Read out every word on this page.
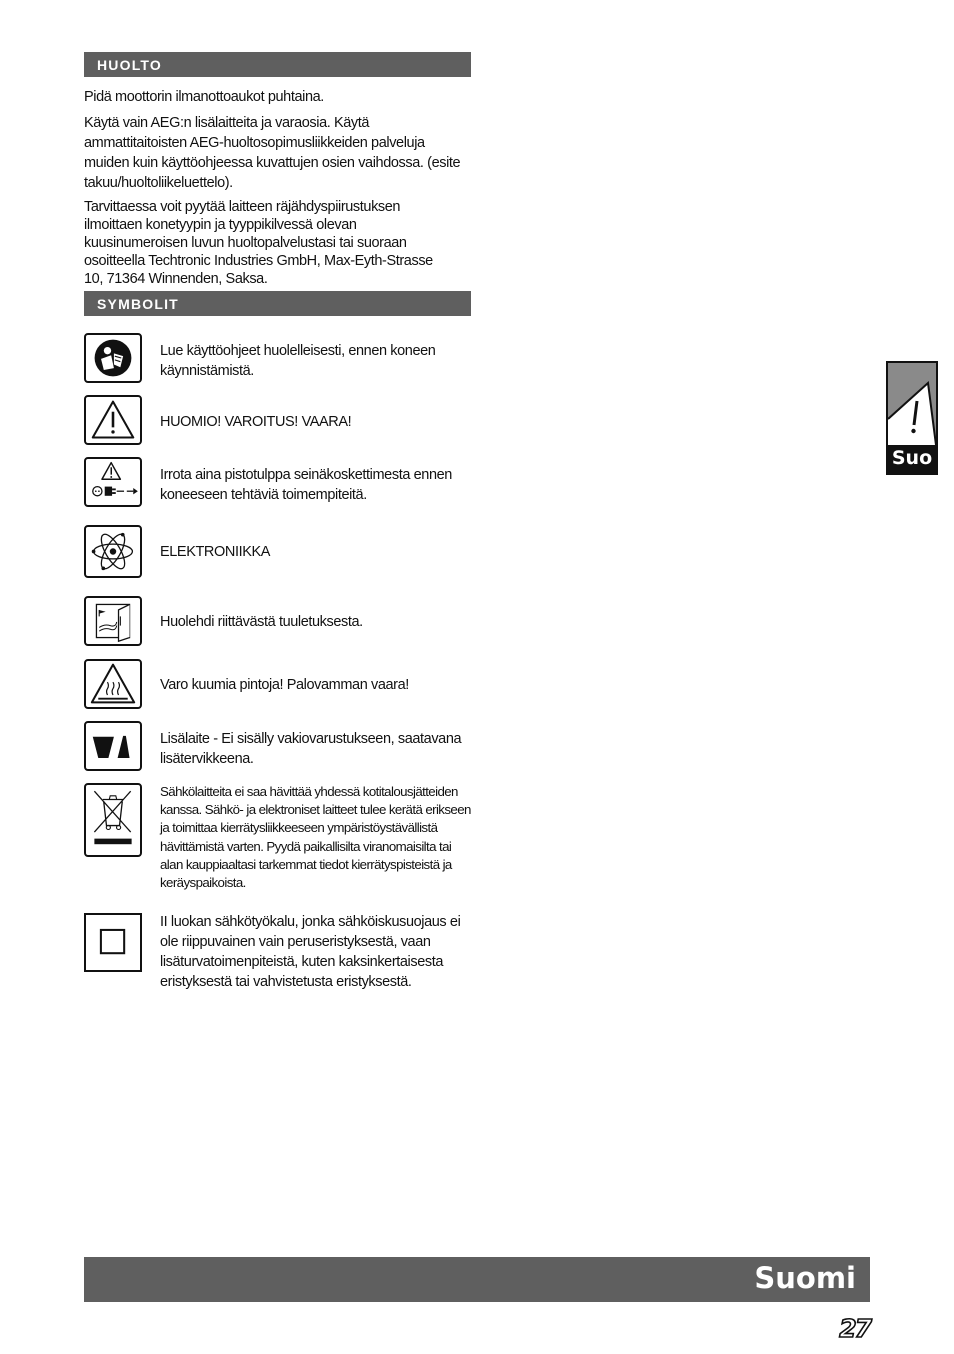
HUOLTO
Pidä moottorin ilmanottoaukot puhtaina.
Käytä vain AEG:n lisälaitteita ja varaosia. Käytä ammattitaitoisten AEG-huoltosopimusliikkeiden palveluja muiden kuin käyttöohjeessa kuvattujen osien vaihdossa. (esite takuu/huoltoliikeluettelo).
Tarvittaessa voit pyytää laitteen räjähdyspiirustuksen ilmoittaen konetyypin ja tyyppikilvessä olevan kuusinumeroisen luvun huoltopalvelustasi tai suoraan osoitteella Techtronic Industries GmbH, Max-Eyth-Strasse 10, 71364 Winnenden, Saksa.
SYMBOLIT
Lue käyttöohjeet huolelleisesti, ennen koneen käynnistämistä.
HUOMIO! VAROITUS! VAARA!
Irrota aina pistotulppa seinäkoskettimesta ennen koneeseen tehtäviä toimempiteitä.
ELEKTRONIIKKA
Huolehdi riittävästä tuuletuksesta.
Varo kuumia pintoja! Palovamman vaara!
Lisälaite - Ei sisälly vakiovarustukseen, saatavana lisätervikkeena.
Sähkölaitteita ei saa hävittää yhdessä kotitalousjätteiden kanssa. Sähkö- ja elektroniset laitteet tulee kerätä erikseen ja toimittaa kierrätysliikkeeseen ympäristöystävällistä hävittämistä varten. Pyydä paikallisilta viranomaisilta tai alan kauppiaaltasi tarkemmat tiedot kierrätyspisteistä ja keräyspaikoista.
II luokan sähkötyökalu, jonka sähköiskusuojaus ei ole riippuvainen vain peruseristyksestä, vaan lisäturvatoimenpiteistä, kuten kaksinkertaisesta eristyksestä tai vahvistetusta eristyksestä.
Suo
Suomi
27
